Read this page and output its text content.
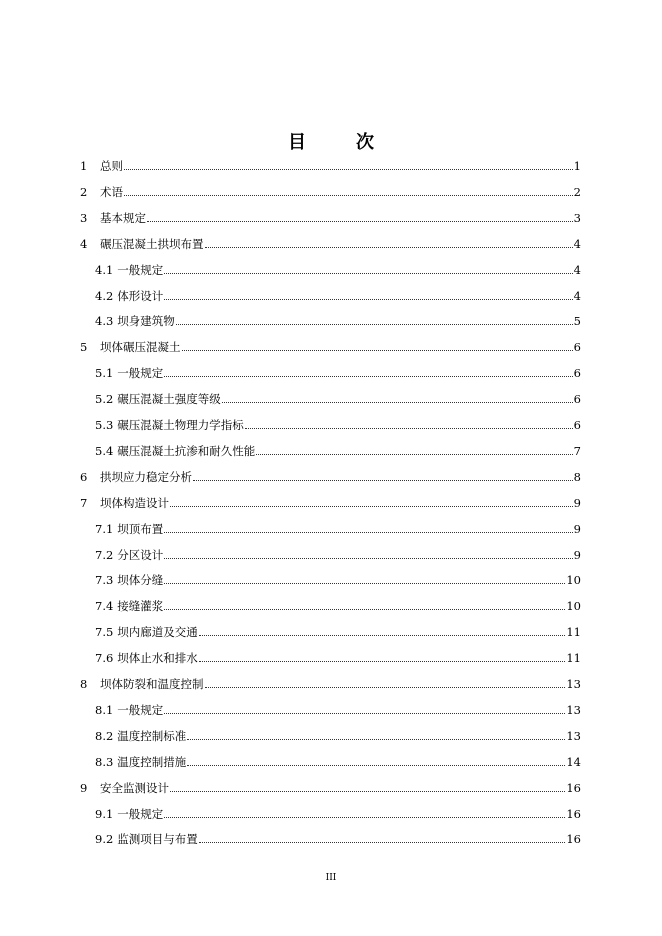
目　次
1	总则	1
2	术语	2
3	基本规定	3
4	碾压混凝土拱坝布置	4
4.1 一般规定	4
4.2 体形设计	4
4.3 坝身建筑物	5
5	坝体碾压混凝土	6
5.1 一般规定	6
5.2 碾压混凝土强度等级	6
5.3 碾压混凝土物理力学指标	6
5.4 碾压混凝土抗渗和耐久性能	7
6	拱坝应力稳定分析	8
7	坝体构造设计	9
7.1 坝顶布置	9
7.2 分区设计	9
7.3 坝体分缝	10
7.4 接缝灌浆	10
7.5 坝内廊道及交通	11
7.6 坝体止水和排水	11
8	坝体防裂和温度控制	13
8.1 一般规定	13
8.2 温度控制标准	13
8.3 温度控制措施	14
9	安全监测设计	16
9.1 一般规定	16
9.2 监测项目与布置	16
III
